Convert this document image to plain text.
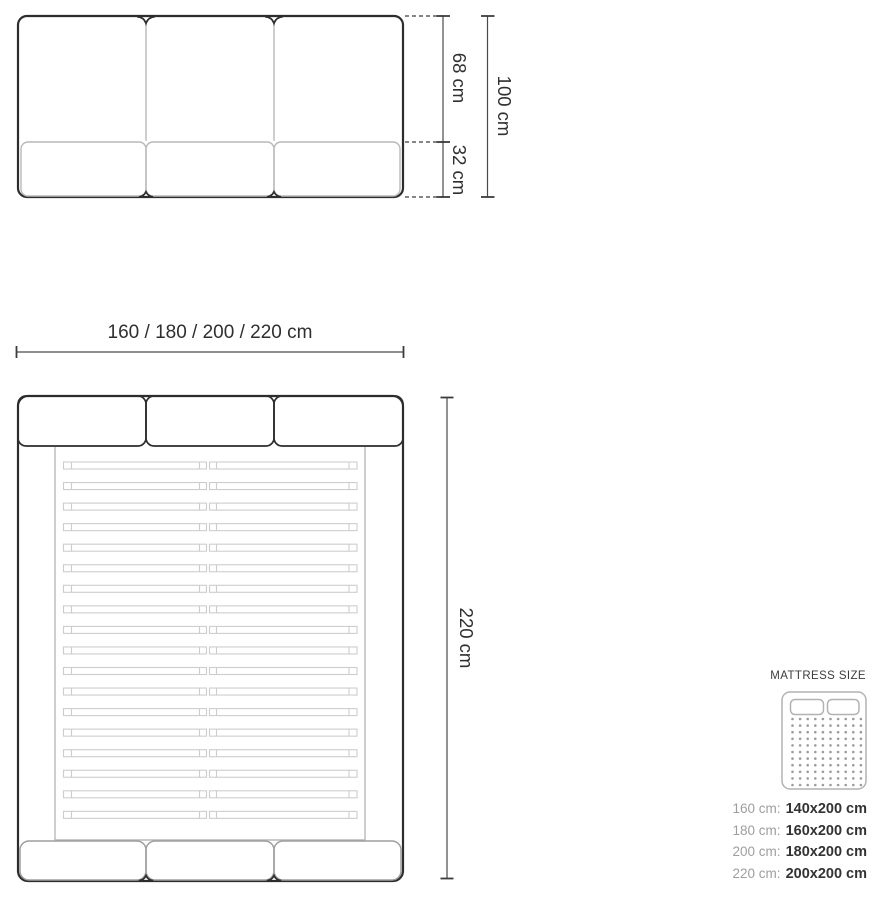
68 cm
32 cm
100 cm
160 / 180 / 200 / 220 cm
220 cm
MATTRESS SIZE
160 cm: 140x200 cm
180 cm: 160x200 cm
200 cm: 180x200 cm
220 cm: 200x200 cm
